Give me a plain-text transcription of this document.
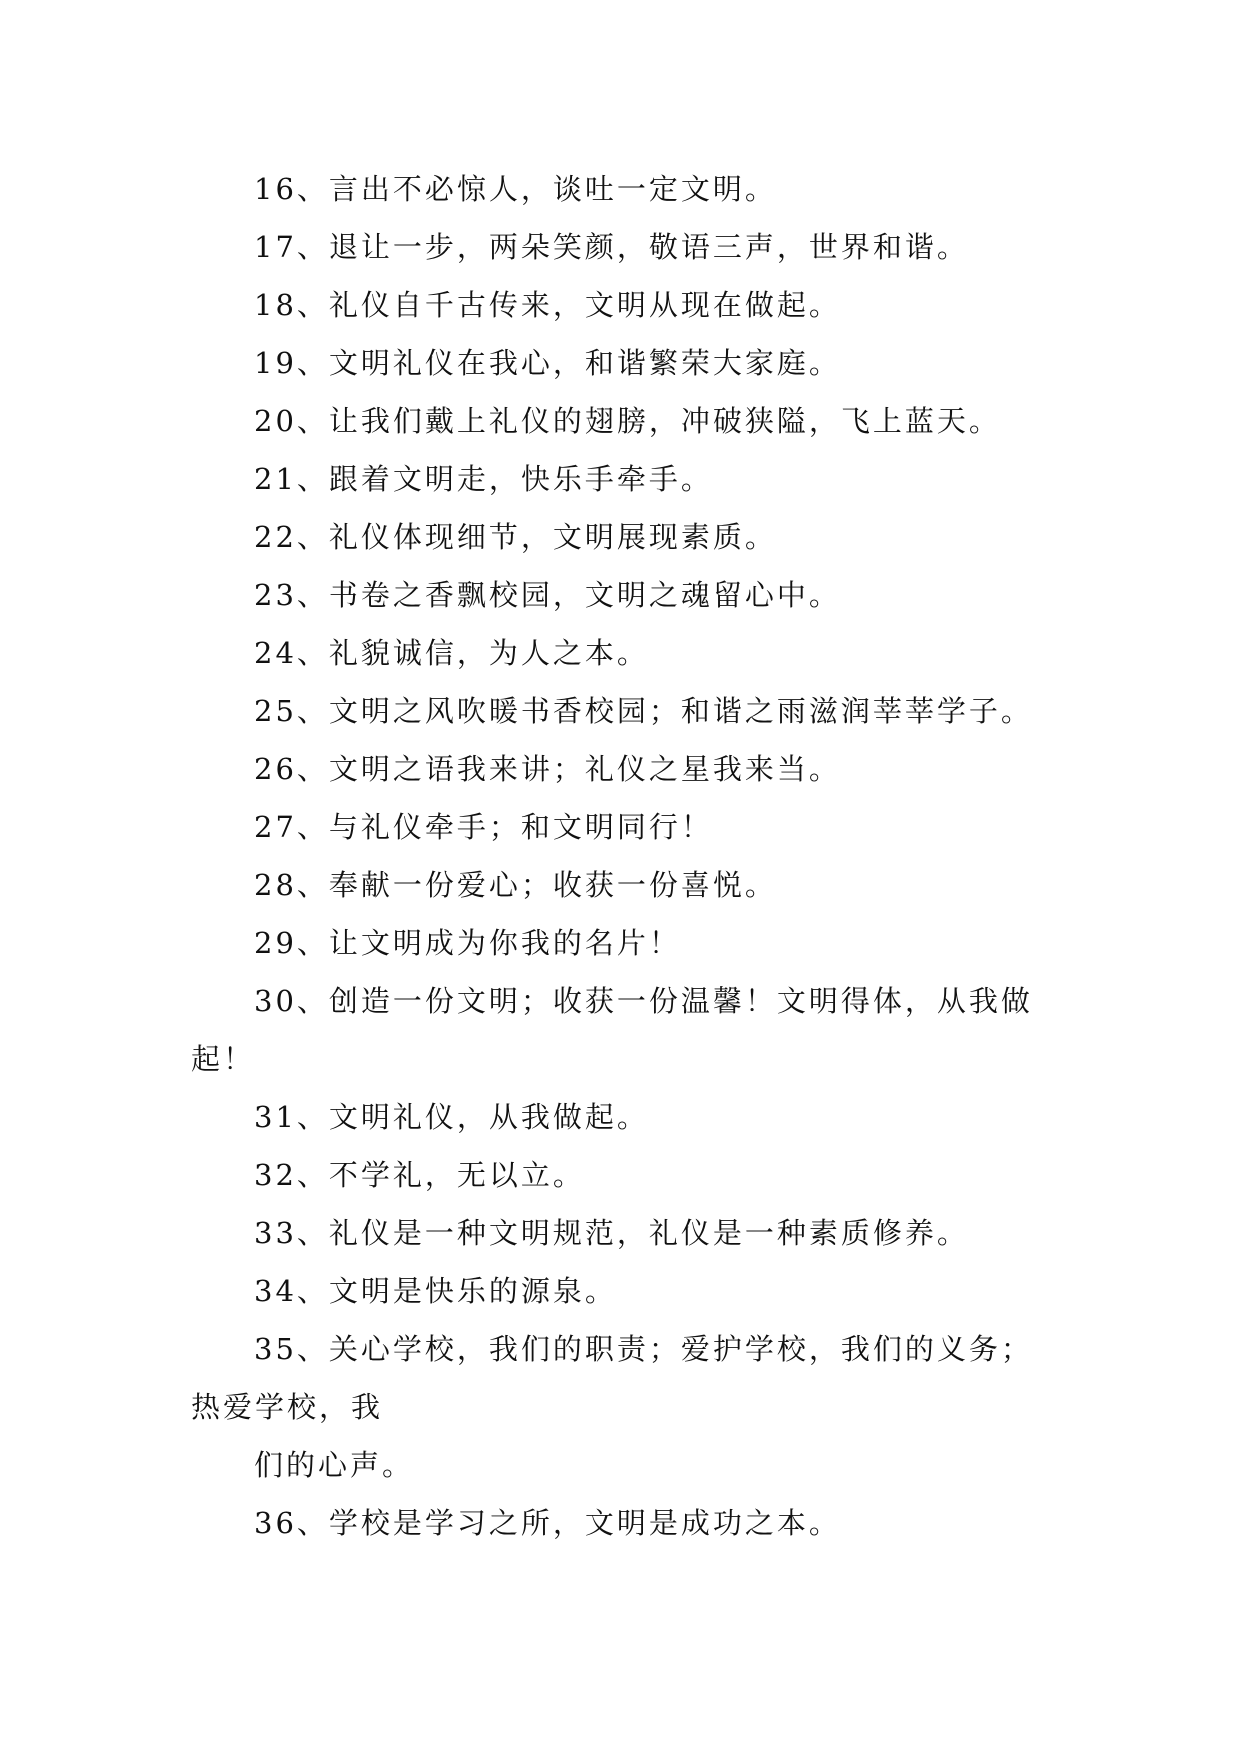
16、言出不必惊人，谈吐一定文明。
17、退让一步，两朵笑颜，敬语三声，世界和谐。
18、礼仪自千古传来，文明从现在做起。
19、文明礼仪在我心，和谐繁荣大家庭。
20、让我们戴上礼仪的翅膀，冲破狭隘，飞上蓝天。
21、跟着文明走，快乐手牵手。
22、礼仪体现细节，文明展现素质。
23、书卷之香飘校园，文明之魂留心中。
24、礼貌诚信，为人之本。
25、文明之风吹暖书香校园；和谐之雨滋润莘莘学子。
26、文明之语我来讲；礼仪之星我来当。
27、与礼仪牵手；和文明同行！
28、奉献一份爱心；收获一份喜悦。
29、让文明成为你我的名片！
30、创造一份文明；收获一份温馨！文明得体，从我做
起！
31、文明礼仪，从我做起。
32、不学礼，无以立。
33、礼仪是一种文明规范，礼仪是一种素质修养。
34、文明是快乐的源泉。
35、关心学校，我们的职责；爱护学校，我们的义务；
热爱学校，我
们的心声。
36、学校是学习之所，文明是成功之本。
